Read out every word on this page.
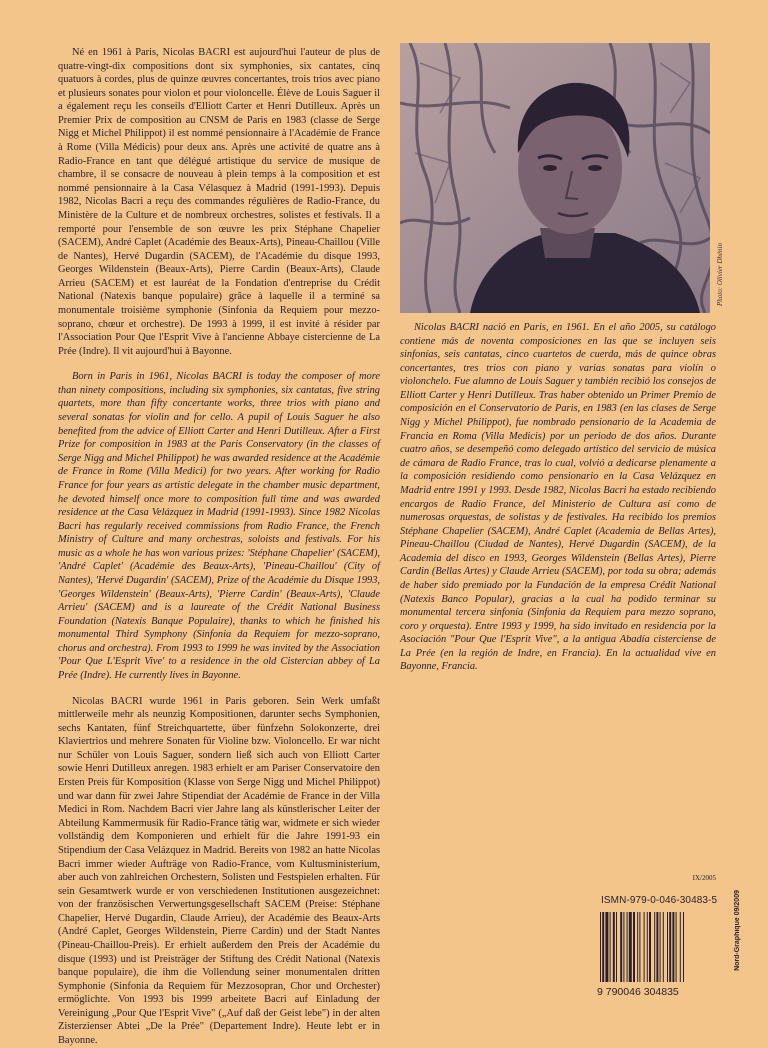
Né en 1961 à Paris, Nicolas BACRI est aujourd'hui l'auteur de plus de quatre-vingt-dix compositions dont six symphonies, six cantates, cinq quatuors à cordes, plus de quinze œuvres concertantes, trois trios avec piano et plusieurs sonates pour violon et pour violoncelle. Élève de Louis Saguer il a également reçu les conseils d'Elliott Carter et Henri Dutilleux. Après un Premier Prix de composition au CNSM de Paris en 1983 (classe de Serge Nigg et Michel Philippot) il est nommé pensionnaire à l'Académie de France à Rome (Villa Médicis) pour deux ans. Après une activité de quatre ans à Radio-France en tant que délégué artistique du service de musique de chambre, il se consacre de nouveau à plein temps à la composition et est nommé pensionnaire à la Casa Vélasquez à Madrid (1991-1993). Depuis 1982, Nicolas Bacri a reçu des commandes régulières de Radio-France, du Ministère de la Culture et de nombreux orchestres, solistes et festivals. Il a remporté pour l'ensemble de son œuvre les prix Stéphane Chapelier (SACEM), André Caplet (Académie des Beaux-Arts), Pineau-Chaillou (Ville de Nantes), Hervé Dugardin (SACEM), de l'Académie du disque 1993, Georges Wildenstein (Beaux-Arts), Pierre Cardin (Beaux-Arts), Claude Arrieu (SACEM) et est lauréat de la Fondation d'entreprise du Crédit National (Natexis banque populaire) grâce à laquelle il a terminé sa monumentale troisième symphonie (Sinfonia da Requiem pour mezzo-soprano, chœur et orchestre). De 1993 à 1999, il est invité à résider par l'Association Pour Que l'Esprit Vive à l'ancienne Abbaye cistercienne de La Prée (Indre). Il vit aujourd'hui à Bayonne.

Born in Paris in 1961, Nicolas BACRI is today the composer of more than ninety compositions, including six symphonies, six cantatas, five string quartets, more than fifty concertante works, three trios with piano and several sonatas for violin and for cello. A pupil of Louis Saguer he also benefited from the advice of Elliott Carter and Henri Dutilleux. After a First Prize for composition in 1983 at the Paris Conservatory (in the classes of Serge Nigg and Michel Philippot) he was awarded residence at the Académie de France in Rome (Villa Medici) for two years. After working for Radio France for four years as artistic delegate in the chamber music department, he devoted himself once more to composition full time and was awarded residence at the Casa Velázquez in Madrid (1991-1993). Since 1982 Nicolas Bacri has regularly received commissions from Radio France, the French Ministry of Culture and many orchestras, soloists and festivals. For his music as a whole he has won various prizes: 'Stéphane Chapelier' (SACEM), 'André Caplet' (Académie des Beaux-Arts), 'Pineau-Chaillou' (City of Nantes), 'Hervé Dugardin' (SACEM), Prize of the Académie du Disque 1993, 'Georges Wildenstein' (Beaux-Arts), 'Pierre Cardin' (Beaux-Arts), 'Claude Arrieu' (SACEM) and is a laureate of the Crédit National Business Foundation (Natexis Banque Populaire), thanks to which he finished his monumental Third Symphony (Sinfonia da Requiem for mezzo-soprano, chorus and orchestra). From 1993 to 1999 he was invited by the Association 'Pour Que L'Esprit Vive' to a residence in the old Cistercian abbey of La Prée (Indre). He currently lives in Bayonne.

Nicolas BACRI wurde 1961 in Paris geboren. Sein Werk umfaßt mittlerweile mehr als neunzig Kompositionen, darunter sechs Symphonien, sechs Kantaten, fünf Streichquartette, über fünfzehn Solokonzerte, drei Klaviertrios und mehrere Sonaten für Violine bzw. Violoncello. Er war nicht nur Schüler von Louis Saguer, sondern ließ sich auch von Elliott Carter sowie Henri Dutilleux anregen. 1983 erhielt er am Pariser Conservatoire den Ersten Preis für Komposition (Klasse von Serge Nigg und Michel Philippot) und war dann für zwei Jahre Stipendiat der Académie de France in der Villa Medici in Rom. Nachdem Bacri vier Jahre lang als künstlerischer Leiter der Abteilung Kammermusik für Radio-France tätig war, widmete er sich wieder vollständig dem Komponieren und erhielt für die Jahre 1991-93 ein Stipendium der Casa Velázquez in Madrid. Bereits von 1982 an hatte Nicolas Bacri immer wieder Aufträge von Radio-France, vom Kultusministerium, aber auch von zahlreichen Orchestern, Solisten und Festspielen erhalten. Für sein Gesamtwerk wurde er von verschiedenen Institutionen ausgezeichnet: von der französischen Verwertungsgesellschaft SACEM (Preise: Stéphane Chapelier, Hervé Dugardin, Claude Arrieu), der Académie des Beaux-Arts (André Caplet, Georges Wildenstein, Pierre Cardin) und der Stadt Nantes (Pineau-Chaillou-Preis). Er erhielt außerdem den Preis der Académie du disque (1993) und ist Preisträger der Stiftung des Crédit National (Natexis banque populaire), die ihm die Vollendung seiner monumentalen dritten Symphonie (Sinfonia da Requiem für Mezzosopran, Chor und Orchester) ermöglichte. Von 1993 bis 1999 arbeitete Bacri auf Einladung der Vereinigung „Pour Que l'Esprit Vive" („Auf daß der Geist lebe") in der alten Zisterzienser Abtei „De la Prée" (Departement Indre). Heute lebt er in Bayonne.

Photo: Olivier Dhénin

Nicolas BACRI nació en Paris, en 1961. En el año 2005, su catálogo contiene más de noventa composiciones en las que se incluyen seis sinfonías, seis cantatas, cinco cuartetos de cuerda, más de quince obras concertantes, tres trios con piano y varias sonatas para violín o violonchelo. Fue alumno de Louis Saguer y también recibió los consejos de Elliott Carter y Henri Dutilleux. Tras haber obtenido un Primer Premio de composición en el Conservatorio de Paris, en 1983 (en las clases de Serge Nigg y Michel Philippot), fue nombrado pensionario de la Academia de Francia en Roma (Villa Medicis) por un periodo de dos años. Durante cuatro años, se desempeñó como delegado artístico del servicio de música de cámara de Radio France, tras lo cual, volvió a dedicarse plenamente a la composición residiendo como pensionario en la Casa Velázquez en Madrid entre 1991 y 1993. Desde 1982, Nicolas Bacri ha estado recibiendo encargos de Radio France, del Ministerio de Cultura así como de numerosas orquestas, de solistas y de festivales. Ha recibido los premios Stéphane Chapelier (SACEM), André Caplet (Academia de Bellas Artes), Pineau-Chaillou (Ciudad de Nantes), Hervé Dugardin (SACEM), de la Academia del disco en 1993, Georges Wildenstein (Bellas Artes), Pierre Cardin (Bellas Artes) y Claude Arrieu (SACEM), por toda su obra; además de haber sido premiado por la Fundación de la empresa Crédit National (Natexis Banco Popular), gracias a la cual ha podido terminar su monumental tercera sinfonía (Sinfonia da Requiem para mezzo soprano, coro y orquesta). Entre 1993 y 1999, ha sido invitado en residencia por la Asociación "Pour Que l'Esprit Vive", a la antigua Abadía cisterciense de La Prée (en la región de Indre, en Francia). En la actualidad vive en Bayonne, Francia.

IX/2005
ISMN-979-0-046-30483-5
9 790046 304835
Nord-Graphique 09/2009
